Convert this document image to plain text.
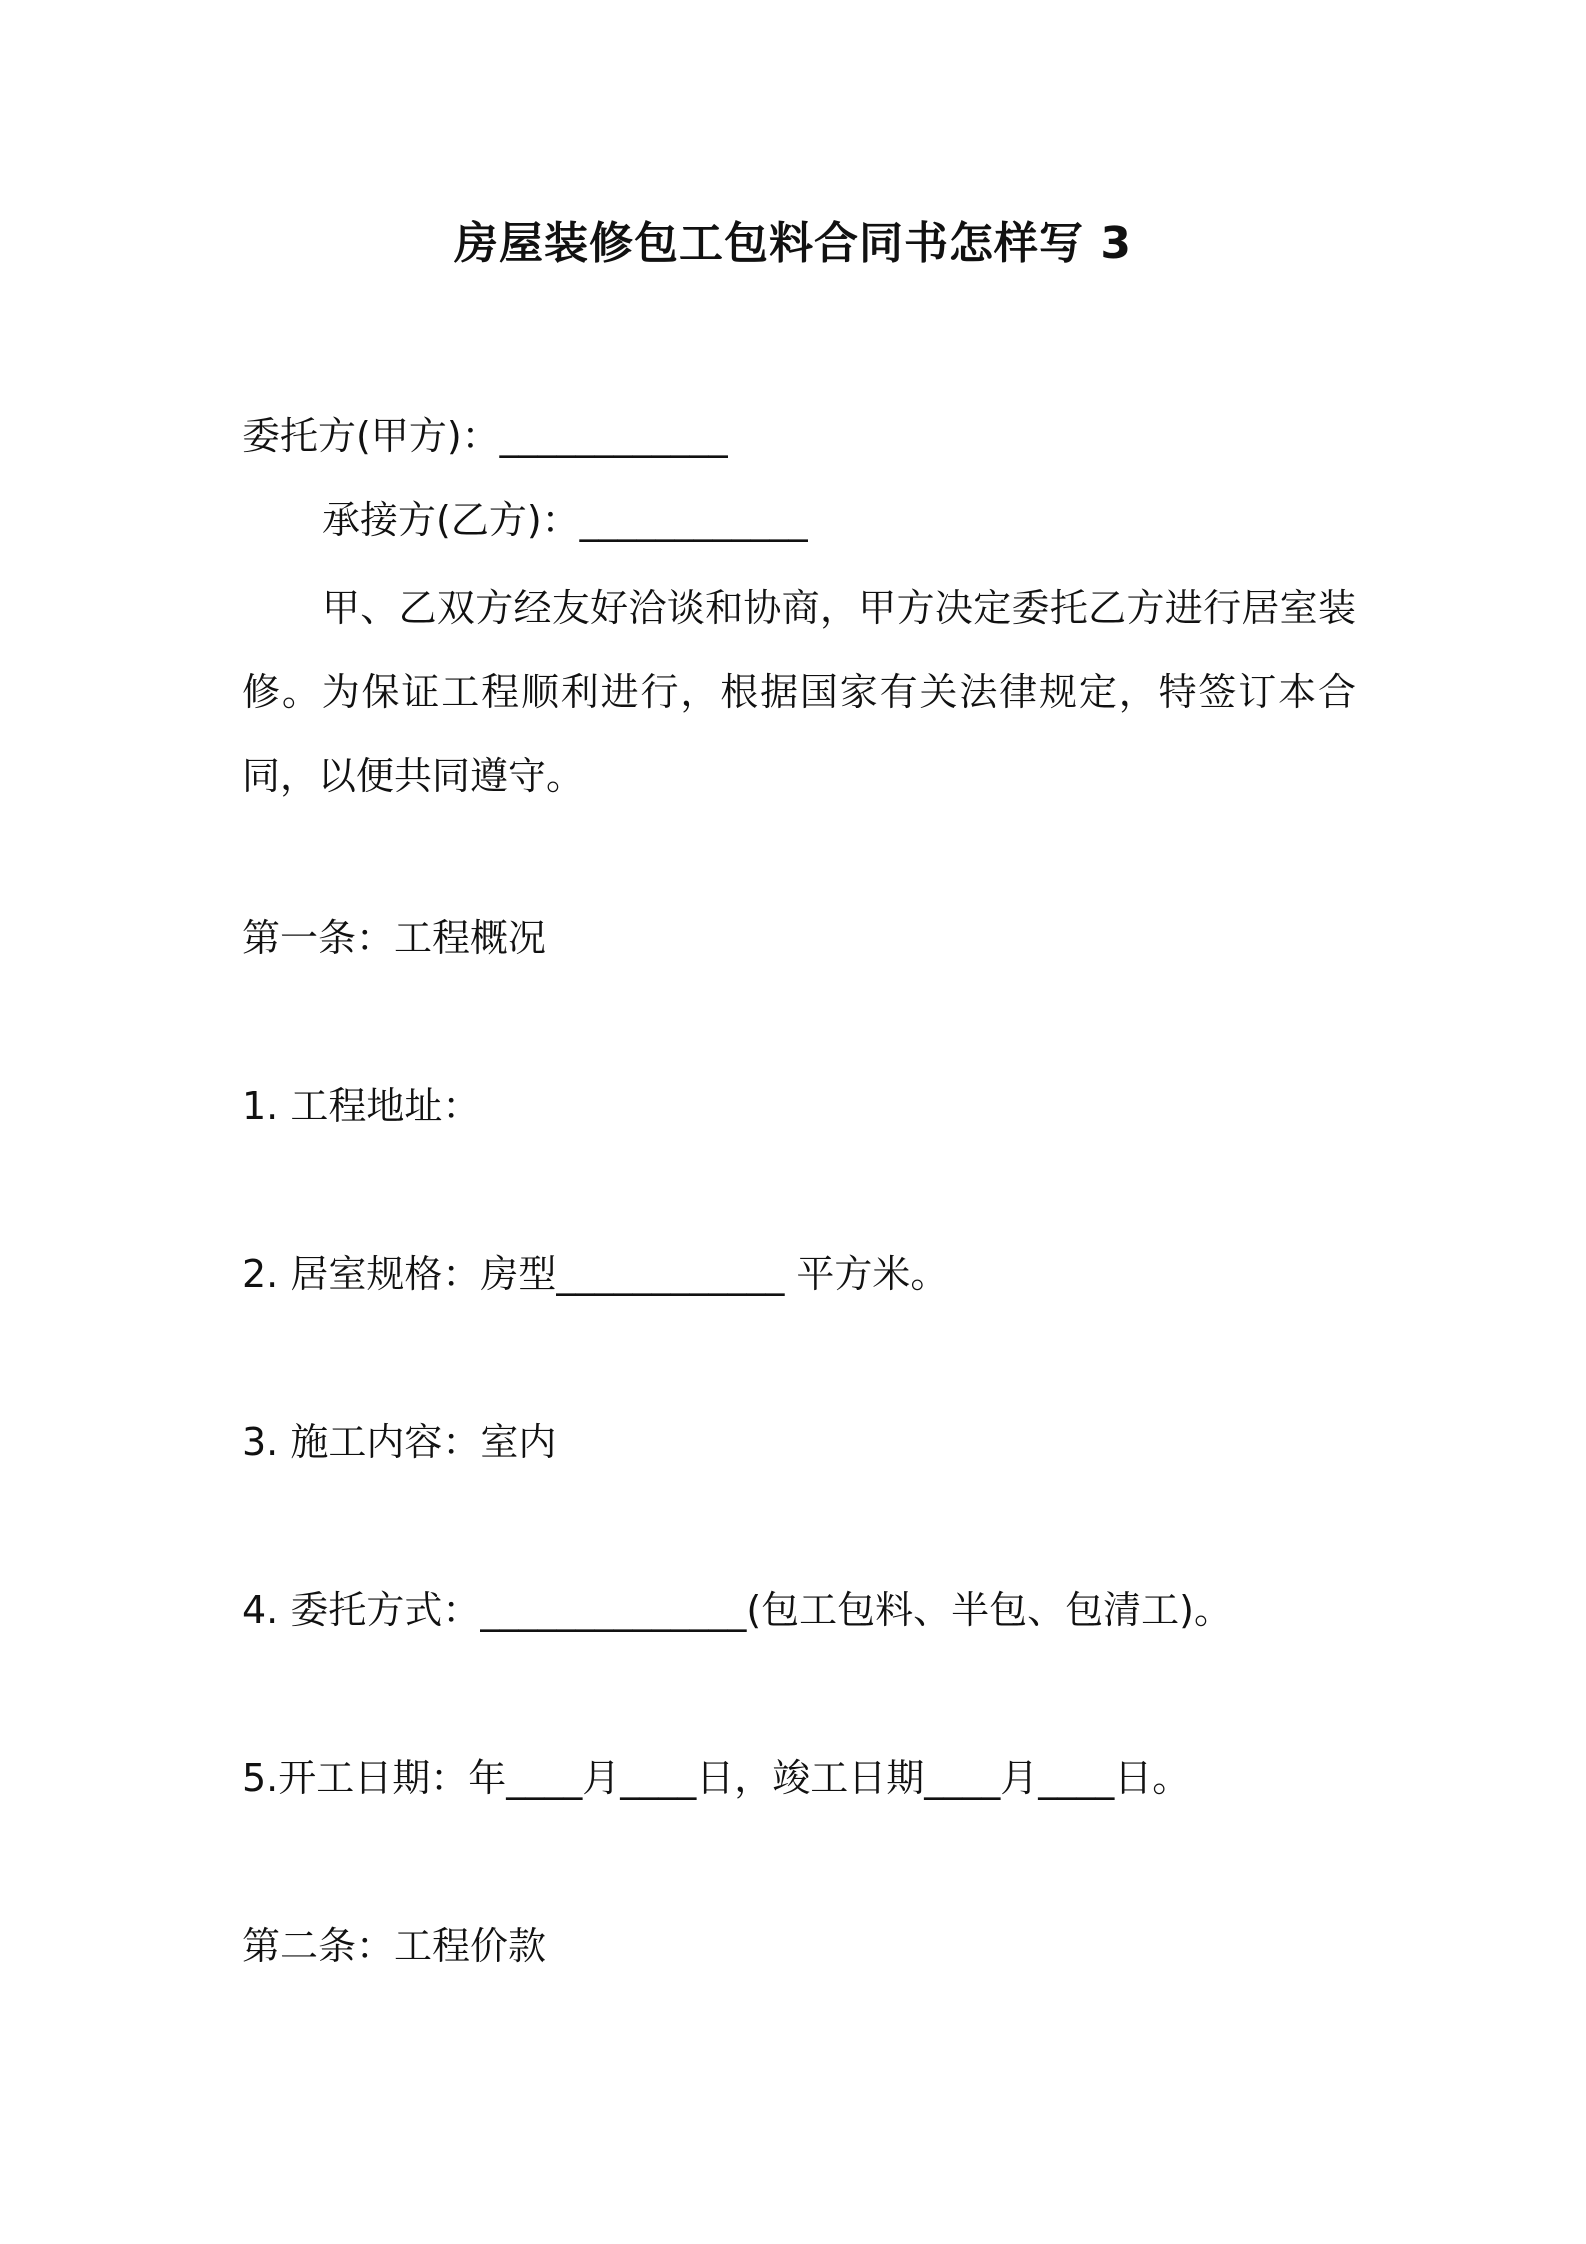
房屋装修包工包料合同书怎样写 3
委托方(甲方)：____________
承接方(乙方)：____________
甲、乙双方经友好洽谈和协商，甲方决定委托乙方进行居室装修。为保证工程顺利进行，根据国家有关法律规定，特签订本合同，以便共同遵守。
第一条：工程概况
1. 工程地址：
2. 居室规格：房型____________ 平方米。
3. 施工内容：室内
4. 委托方式：______________(包工包料、半包、包清工)。
5.开工日期：年____月____日，竣工日期____月____日。
第二条：工程价款
